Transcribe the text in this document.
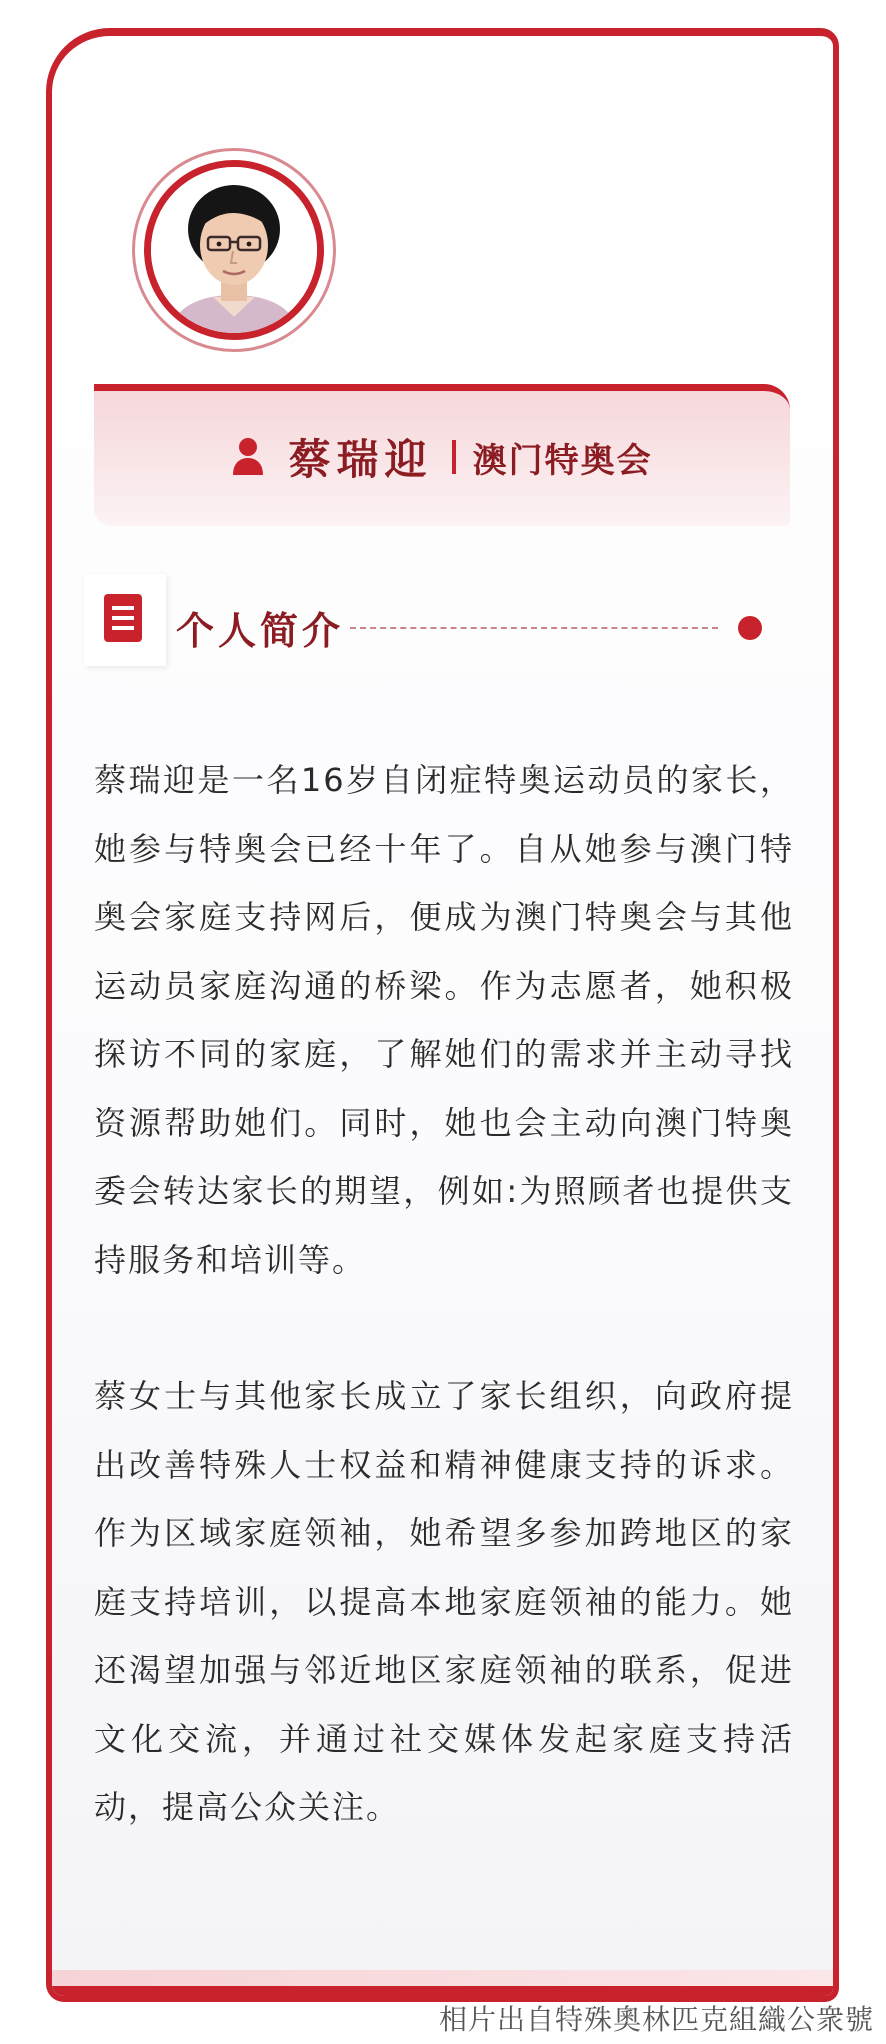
蔡瑞迎 澳门特奥会
个人简介

蔡瑞迎是一名16岁自闭症特奥运动员的家长，她参与特奥会已经十年了。自从她参与澳门特奥会家庭支持网后，便成为澳门特奥会与其他运动员家庭沟通的桥梁。作为志愿者，她积极探访不同的家庭，了解她们的需求并主动寻找资源帮助她们。同时，她也会主动向澳门特奥委会转达家长的期望，例如:为照顾者也提供支持服务和培训等。

蔡女士与其他家长成立了家长组织，向政府提出改善特殊人士权益和精神健康支持的诉求。作为区域家庭领袖，她希望多参加跨地区的家庭支持培训，以提高本地家庭领袖的能力。她还渴望加强与邻近地区家庭领袖的联系，促进文化交流，并通过社交媒体发起家庭支持活动，提高公众关注。

相片出自特殊奧林匹克組織公衆號
